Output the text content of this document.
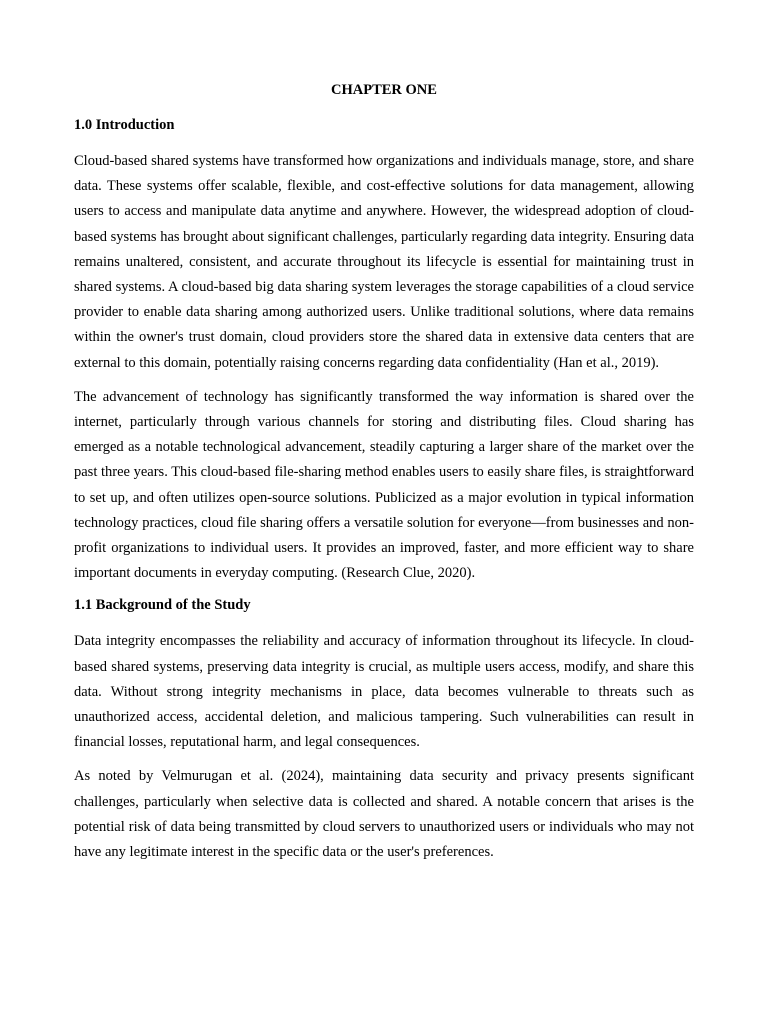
CHAPTER ONE
1.0 Introduction

Cloud-based shared systems have transformed how organizations and individuals manage, store, and share data. These systems offer scalable, flexible, and cost-effective solutions for data management, allowing users to access and manipulate data anytime and anywhere. However, the widespread adoption of cloud-based systems has brought about significant challenges, particularly regarding data integrity. Ensuring data remains unaltered, consistent, and accurate throughout its lifecycle is essential for maintaining trust in shared systems. A cloud-based big data sharing system leverages the storage capabilities of a cloud service provider to enable data sharing among authorized users. Unlike traditional solutions, where data remains within the owner's trust domain, cloud providers store the shared data in extensive data centers that are external to this domain, potentially raising concerns regarding data confidentiality (Han et al., 2019).

The advancement of technology has significantly transformed the way information is shared over the internet, particularly through various channels for storing and distributing files. Cloud sharing has emerged as a notable technological advancement, steadily capturing a larger share of the market over the past three years. This cloud-based file-sharing method enables users to easily share files, is straightforward to set up, and often utilizes open-source solutions. Publicized as a major evolution in typical information technology practices, cloud file sharing offers a versatile solution for everyone—from businesses and non-profit organizations to individual users. It provides an improved, faster, and more efficient way to share important documents in everyday computing. (Research Clue, 2020).

1.1 Background of the Study

Data integrity encompasses the reliability and accuracy of information throughout its lifecycle. In cloud-based shared systems, preserving data integrity is crucial, as multiple users access, modify, and share this data. Without strong integrity mechanisms in place, data becomes vulnerable to threats such as unauthorized access, accidental deletion, and malicious tampering. Such vulnerabilities can result in financial losses, reputational harm, and legal consequences.

As noted by Velmurugan et al. (2024), maintaining data security and privacy presents significant challenges, particularly when selective data is collected and shared. A notable concern that arises is the potential risk of data being transmitted by cloud servers to unauthorized users or individuals who may not have any legitimate interest in the specific data or the user's preferences.
